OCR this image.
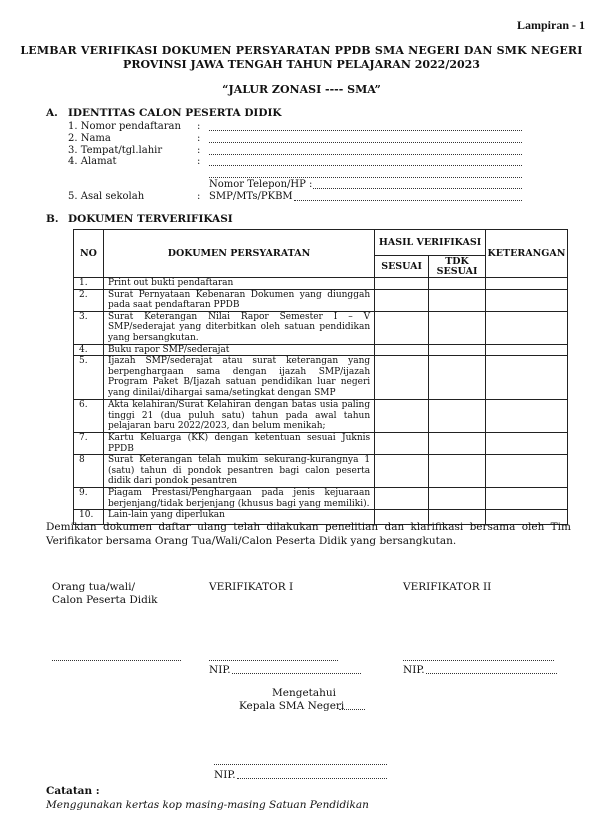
Lampiran - 1
LEMBAR VERIFIKASI DOKUMEN PERSYARATAN PPDB SMA NEGERI DAN SMK NEGERI
PROVINSI JAWA TENGAH TAHUN PELAJARAN 2022/2023
“JALUR ZONASI ---- SMA”
A. IDENTITAS CALON PESERTA DIDIK
1. Nomor pendaftaran :
2. Nama	:
3. Tempat/tgl.lahir	:
4. Alamat	:
Nomor Telepon/HP :
5. Asal sekolah	: SMP/MTs/PKBM
B. DOKUMEN TERVERIFIKASI
NO	DOKUMEN PERSYARATAN	HASIL VERIFIKASI		KETERANGAN
		SESUAI	TDK SESUAI	
1.	Print out bukti pendaftaran			
2.	Surat Pernyataan Kebenaran Dokumen yang diunggah pada saat pendaftaran PPDB			
3.	Surat Keterangan Nilai Rapor Semester I – V SMP/sederajat yang diterbitkan oleh satuan pendidikan yang bersangkutan.			
4.	Buku rapor SMP/sederajat			
5.	Ijazah SMP/sederajat atau surat keterangan yang berpenghargaan sama dengan ijazah SMP/ijazah Program Paket B/Ijazah satuan pendidikan luar negeri yang dinilai/dihargai sama/setingkat dengan SMP			
6.	Akta kelahiran/Surat Kelahiran dengan batas usia paling tinggi 21 (dua puluh satu) tahun pada awal tahun pelajaran baru 2022/2023, dan belum menikah;			
7.	Kartu Keluarga (KK) dengan ketentuan sesuai Juknis PPDB			
8	Surat Keterangan telah mukim sekurang-kurangnya 1 (satu) tahun di pondok pesantren bagi calon peserta didik dari pondok pesantren			
9.	Piagam Prestasi/Penghargaan pada jenis kejuaraan berjenjang/tidak berjenjang (khusus bagi yang memiliki).			
10.	Lain-lain yang diperlukan			
Demikian dokumen daftar ulang telah dilakukan penelitian dan klarifikasi bersama oleh Tim Verifikator bersama Orang Tua/Wali/Calon Peserta Didik yang bersangkutan.
Orang tua/wali/
Calon Peserta Didik
VERIFIKATOR I	VERIFIKATOR II
NIP.	NIP.
Mengetahui
Kepala SMA Negeri
NIP.
Catatan :
Menggunakan kertas kop masing-masing Satuan Pendidikan
